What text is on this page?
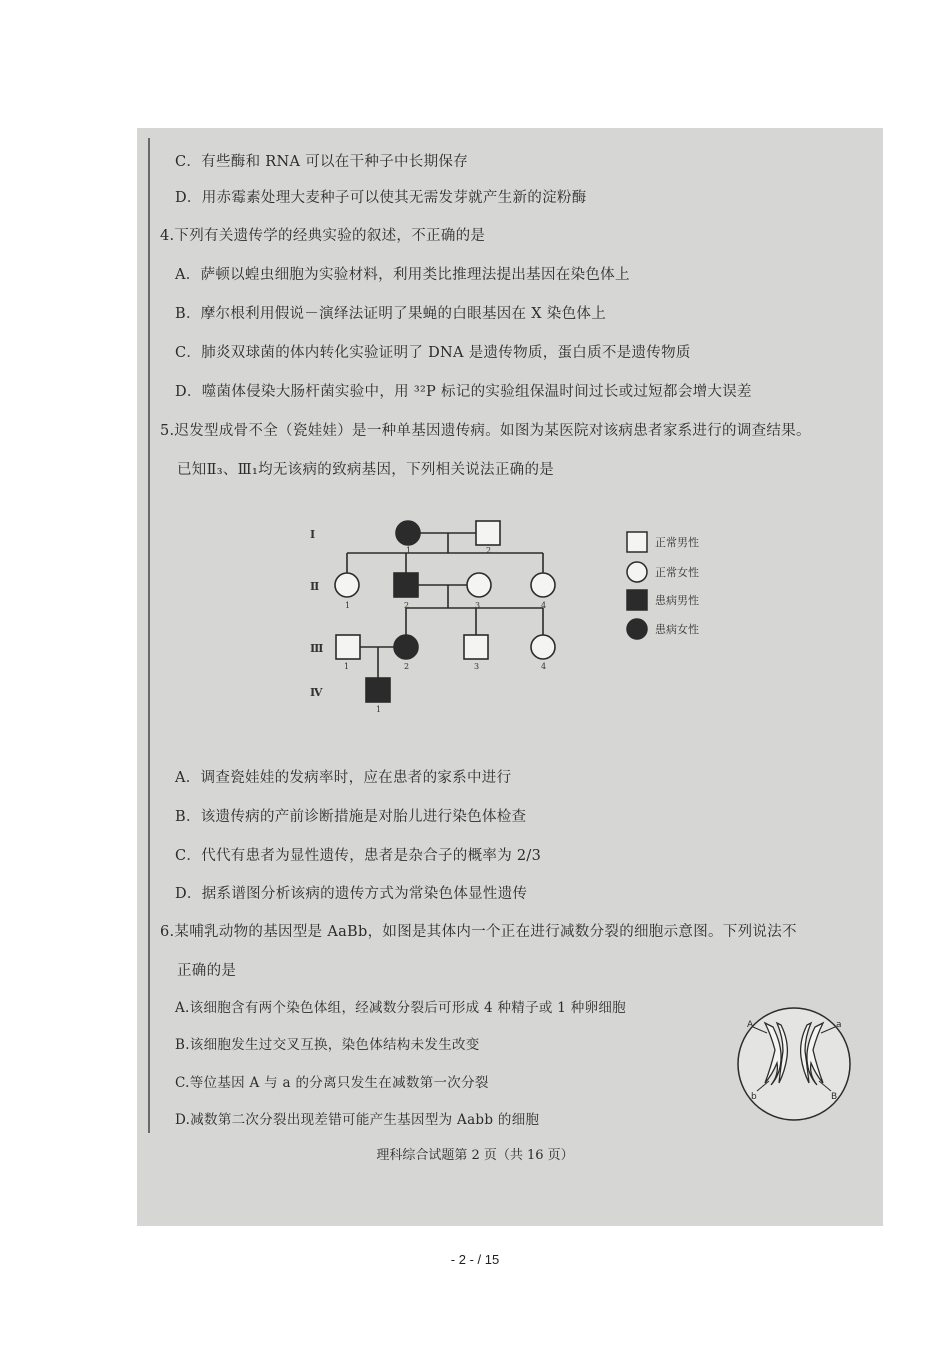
C．有些酶和 RNA 可以在干种子中长期保存
D．用赤霉素处理大麦种子可以使其无需发芽就产生新的淀粉酶
4.下列有关遗传学的经典实验的叙述，不正确的是
A．萨顿以蝗虫细胞为实验材料，利用类比推理法提出基因在染色体上
B．摩尔根利用假说－演绎法证明了果蝇的白眼基因在 X 染色体上
C．肺炎双球菌的体内转化实验证明了 DNA 是遗传物质，蛋白质不是遗传物质
D．噬菌体侵染大肠杆菌实验中，用 ³²P 标记的实验组保温时间过长或过短都会增大误差
5.迟发型成骨不全（瓷娃娃）是一种单基因遗传病。如图为某医院对该病患者家系进行的调查结果。
已知Ⅱ₃、Ⅲ₁均无该病的致病基因，下列相关说法正确的是
Ⅰ
Ⅱ
Ⅲ
Ⅳ
1	2
1	2	3	4
1	2	3	4
1
正常男性
正常女性
患病男性
患病女性
A．调查瓷娃娃的发病率时，应在患者的家系中进行
B．该遗传病的产前诊断措施是对胎儿进行染色体检查
C．代代有患者为显性遗传，患者是杂合子的概率为 2/3
D．据系谱图分析该病的遗传方式为常染色体显性遗传
6.某哺乳动物的基因型是 AaBb，如图是其体内一个正在进行减数分裂的细胞示意图。下列说法不
正确的是
A.该细胞含有两个染色体组，经减数分裂后可形成 4 种精子或 1 种卵细胞
B.该细胞发生过交叉互换，染色体结构未发生改变
C.等位基因 A 与 a 的分离只发生在减数第一次分裂
D.减数第二次分裂出现差错可能产生基因型为 Aabb 的细胞
A	a
b	B
理科综合试题第 2 页（共 16 页）
- 2 - / 15
